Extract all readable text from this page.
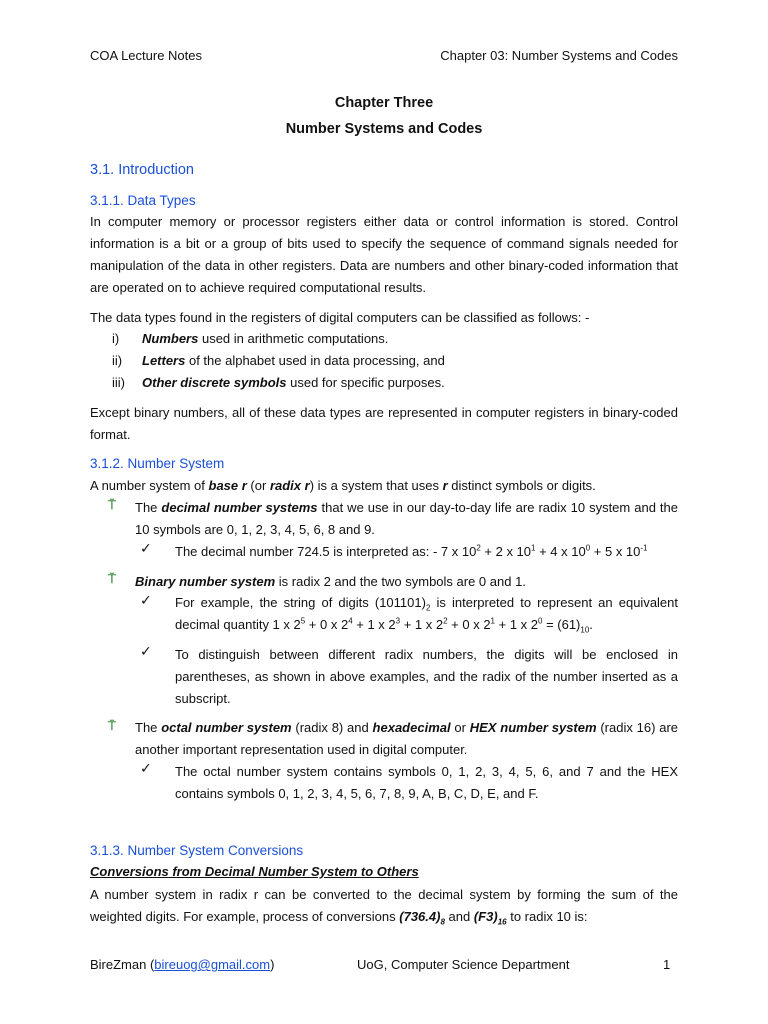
COA Lecture Notes	Chapter 03: Number Systems and Codes
Chapter Three
Number Systems and Codes
3.1. Introduction
3.1.1. Data Types
In computer memory or processor registers either data or control information is stored. Control information is a bit or a group of bits used to specify the sequence of command signals needed for manipulation of the data in other registers. Data are numbers and other binary-coded information that are operated on to achieve required computational results.
The data types found in the registers of digital computers can be classified as follows: -
i) Numbers used in arithmetic computations.
ii) Letters of the alphabet used in data processing, and
iii) Other discrete symbols used for specific purposes.
Except binary numbers, all of these data types are represented in computer registers in binary-coded format.
3.1.2. Number System
A number system of base r (or radix r) is a system that uses r distinct symbols or digits.
⍑ The decimal number systems that we use in our day-to-day life are radix 10 system and the 10 symbols are 0, 1, 2, 3, 4, 5, 6, 8 and 9.
✓ The decimal number 724.5 is interpreted as: - 7 x $10^2 + 2$ x $10^1 + 4$ x $10^0 + 5$ x $10^{-1}$
⍑ Binary number system is radix 2 and the two symbols are 0 and 1.
✓ For example, the string of digits $(101101)_2$ is interpreted to represent an equivalent decimal quantity 1 x $2^5 + 0$ x $2^4 + 1$ x $2^3 + 1$ x $2^2 + 0$ x $2^1 + 1$ x $2^0 = (61)_{10}$.
✓ To distinguish between different radix numbers, the digits will be enclosed in parentheses, as shown in above examples, and the radix of the number inserted as a subscript.
⍑ The octal number system (radix 8) and hexadecimal or HEX number system (radix 16) are another important representation used in digital computer.
✓ The octal number system contains symbols 0, 1, 2, 3, 4, 5, 6, and 7 and the HEX contains symbols 0, 1, 2, 3, 4, 5, 6, 7, 8, 9, A, B, C, D, E, and F.
3.1.3. Number System Conversions
Conversions from Decimal Number System to Others
A number system in radix r can be converted to the decimal system by forming the sum of the weighted digits. For example, process of conversions $(736.4)_8$ and $(F3)_{16}$ to radix 10 is:
BireZman (bireuog@gmail.com)	UoG, Computer Science Department	1
